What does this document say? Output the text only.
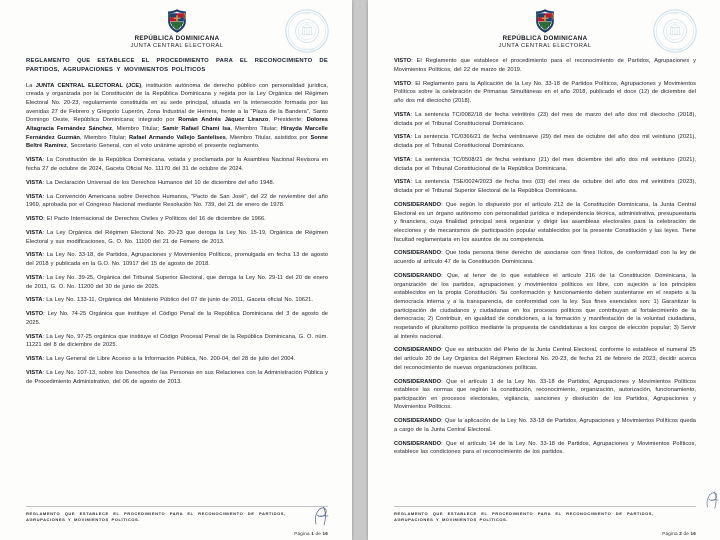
REPÚBLICA DOMINICANA
JUNTA CENTRAL ELECTORAL
JUNTA
ELECTORAL
REGLAMENTO QUE ESTABLECE EL PROCEDIMIENTO PARA EL RECONOCIMIENTO DE PARTIDOS, AGRUPACIONES Y MOVIMIENTOS POLÍTICOS

La JUNTA CENTRAL ELECTORAL (JCE), institución autónoma de derecho público con personalidad jurídica, creada y organizada por la Constitución de la República Dominicana y regida por la Ley Orgánica del Régimen Electoral No. 20-23, regularmente constituida en su sede principal, situada en la intersección formada por las avenidas 27 de Febrero y Gregorio Luperón, Zona Industrial de Herrera, frente a la "Plaza de la Bandera", Santo Domingo Oeste, República Dominicana; integrado por Román Andrés Jáquez Liranzo, Presidente; Dolores Altagracia Fernández Sánchez, Miembro Titular; Samir Rafael Chami Isa, Miembro Titular; Hirayda Marcelle Fernández Guzmán, Miembro Titular; Rafael Armando Vallejo Santelises, Miembro Titular, asistidos por Sonne Beltré Ramírez, Secretario General, con el voto unánime aprobó el presente reglamento.

VISTA: La Constitución de la República Dominicana, votada y proclamada por la Asamblea Nacional Revisora en fecha 27 de octubre de 2024, Gaceta Oficial No. 11170 del 31 de octubre de 2024.

VISTA: La Declaración Universal de los Derechos Humanos del 10 de diciembre del año 1948.

VISTA: La Convención Americana sobre Derechos Humanos, "Pacto de San José", del 22 de noviembre del año 1969, aprobada por el Congreso Nacional mediante Resolución No. 739, del 21 de enero de 1978.

VISTO: El Pacto Internacional de Derechos Civiles y Políticos del 16 de diciembre de 1966.

VISTA: La Ley Orgánica del Régimen Electoral No. 20-23 que deroga la Ley No. 15-19, Orgánica de Régimen Electoral y sus modificaciones, G. O. No. 11100 del 21 de Femero de 2013.

VISTA: La Ley No. 33-18, de Partidos, Agrupaciones y Movimientos Políticos, promulgada en fecha 13 de agosto del 2018 y publicada en la G.O. No. 10917 del 15 de agosto de 2018.

VISTA: La Ley No. 39-25, Orgánica del Tribunal Superior Electoral, que deroga la Ley No. 29-11 del 20 de enero de 2011, G. O. No. 11200 del 30 de junio de 2025.

VISTA: La Ley No. 133-11, Orgánica del Ministerio Público del 07 de junio de 2011, Gaceta oficial No. 10621.

VISTO: Ley No. 74-25 Orgánica que instituye el Código Penal de la República Dominicana del 3 de agosto de 2025.

VISTA: La Ley No. 97-25 orgánica que instituye el Código Procesal Penal de la República Dominicana, G. O. núm. 11221 del 8 de diciembre de 2025.

VISTA: La Ley General de Libre Acceso a la Información Pública, No. 200-04, del 28 de julio del 2004.

VISTA: La Ley No. 107-13, sobre los Derechos de las Personas en sus Relaciones con la Administración Pública y de Procedimiento Administrativo, del 06 de agosto de 2013.

REGLAMENTO QUE ESTABLECE EL PROCEDIMIENTO PARA EL RECONOCIMIENTO DE PARTIDOS, AGRUPACIONES Y MOVIMIENTOS POLÍTICOS.
Página 1 de 16
REPÚBLICA DOMINICANA
JUNTA CENTRAL ELECTORAL
JUNTA
ELECTORAL

VISTO: El Reglamento que establece el procedimiento para el reconocimiento de Partidos, Agrupaciones y Movimientos Políticos, del 22 de marzo de 2019.

VISTO: El Reglamento para la Aplicación de la Ley No. 33-18 de Partidos Políticos, Agrupaciones y Movimientos Políticos sobre la celebración de Primarias Simultáneas en el año 2018, publicado el doce (12) de diciembre del año dos mil dieciocho (2018).

VISTA: La sentencia TC/0082/18 de fecha veintitrés (23) del mes de marzo del año dos mil dieciocho (2018), dictada por el Tribunal Constitucional Dominicano.

VISTA: La sentencia TC/0366/21 de fecha veintinueve (29) del mes de octubre del año dos mil veintiuno (2021), dictada por el Tribunal Constitucional Dominicano.

VISTA: La sentencia TC/0508/21 de fecha veintiuno (21) del mes diciembre del año dos mil veintiuno (2021), dictada por el Tribunal Constitucional de la República Dominicana.

VISTA: La sentencia TSE/0024/2023 de fecha tres (03) del mes de octubre del año dos mil veintitrés (2023), dictada por el Tribunal Superior Electoral de la República Dominicana.

CONSIDERANDO: Que según lo dispuesto por el artículo 212 de la Constitución Dominicana, la Junta Central Electoral es un órgano autónomo con personalidad jurídica e independencia técnica, administrativa, presupuestaria y financiera, cuya finalidad principal será organizar y dirigir las asambleas electorales para la celebración de elecciones y de mecanismos de participación popular establecidos por la presente Constitución y las leyes. Tiene facultad reglamentaria en los asuntos de su competencia.

CONSIDERANDO: Que toda persona tiene derecho de asociarse con fines lícitos, de conformidad con la ley de acuerdo al artículo 47 de la Constitución Dominicana.

CONSIDERANDO: Que, al tenor de lo que establece el artículo 216 de la Constitución Dominicana, la organización de los partidos, agrupaciones y movimientos políticos es libre, con sujeción a los principios establecidos en la propia Constitución. Su conformación y funcionamiento deben sustentarse en el respeto a la democracia interna y a la transparencia, de conformidad con la ley. Sus fines esenciales son: 1) Garantizar la participación de ciudadanos y ciudadanas en los procesos políticos que contribuyan al fortalecimiento de la democracia; 2) Contribuir, en igualdad de condiciones, a la formación y manifestación de la voluntad ciudadana, respetando el pluralismo político mediante la propuesta de candidaturas a los cargos de elección popular; 3) Servir al interés nacional.

CONSIDERANDO: Que es atribución del Pleno de la Junta Central Electoral, conforme lo establece el numeral 25 del artículo 20 de Ley Orgánica del Régimen Electoral No. 20-23, de fecha 21 de febrero de 2023, decidir acerca del reconocimiento de nuevas organizaciones políticas.

CONSIDERANDO: Que el artículo 1 de la Ley No. 33-18 de Partidos, Agrupaciones y Movimientos Políticos establece las normas que regirán la constitución, reconocimiento, organización, autorización, funcionamiento, participación en procesos electorales, vigilancia, sanciones y disolución de los Partidos, Agrupaciones y Movimientos Políticos.

CONSIDERANDO: Que la aplicación de la Ley No. 33-18 de Partidos, Agrupaciones y Movimientos Políticos queda a cargo de la Junta Central Electoral.

CONSIDERANDO: Que el artículo 14 de la Ley No. 33-18 de Partidos, Agrupaciones y Movimientos Políticos, establece las condiciones para el reconocimiento de los partidos.

REGLAMENTO QUE ESTABLECE EL PROCEDIMIENTO PARA EL RECONOCIMIENTO DE PARTIDOS, AGRUPACIONES Y MOVIMIENTOS POLÍTICOS.
Página 2 de 16
